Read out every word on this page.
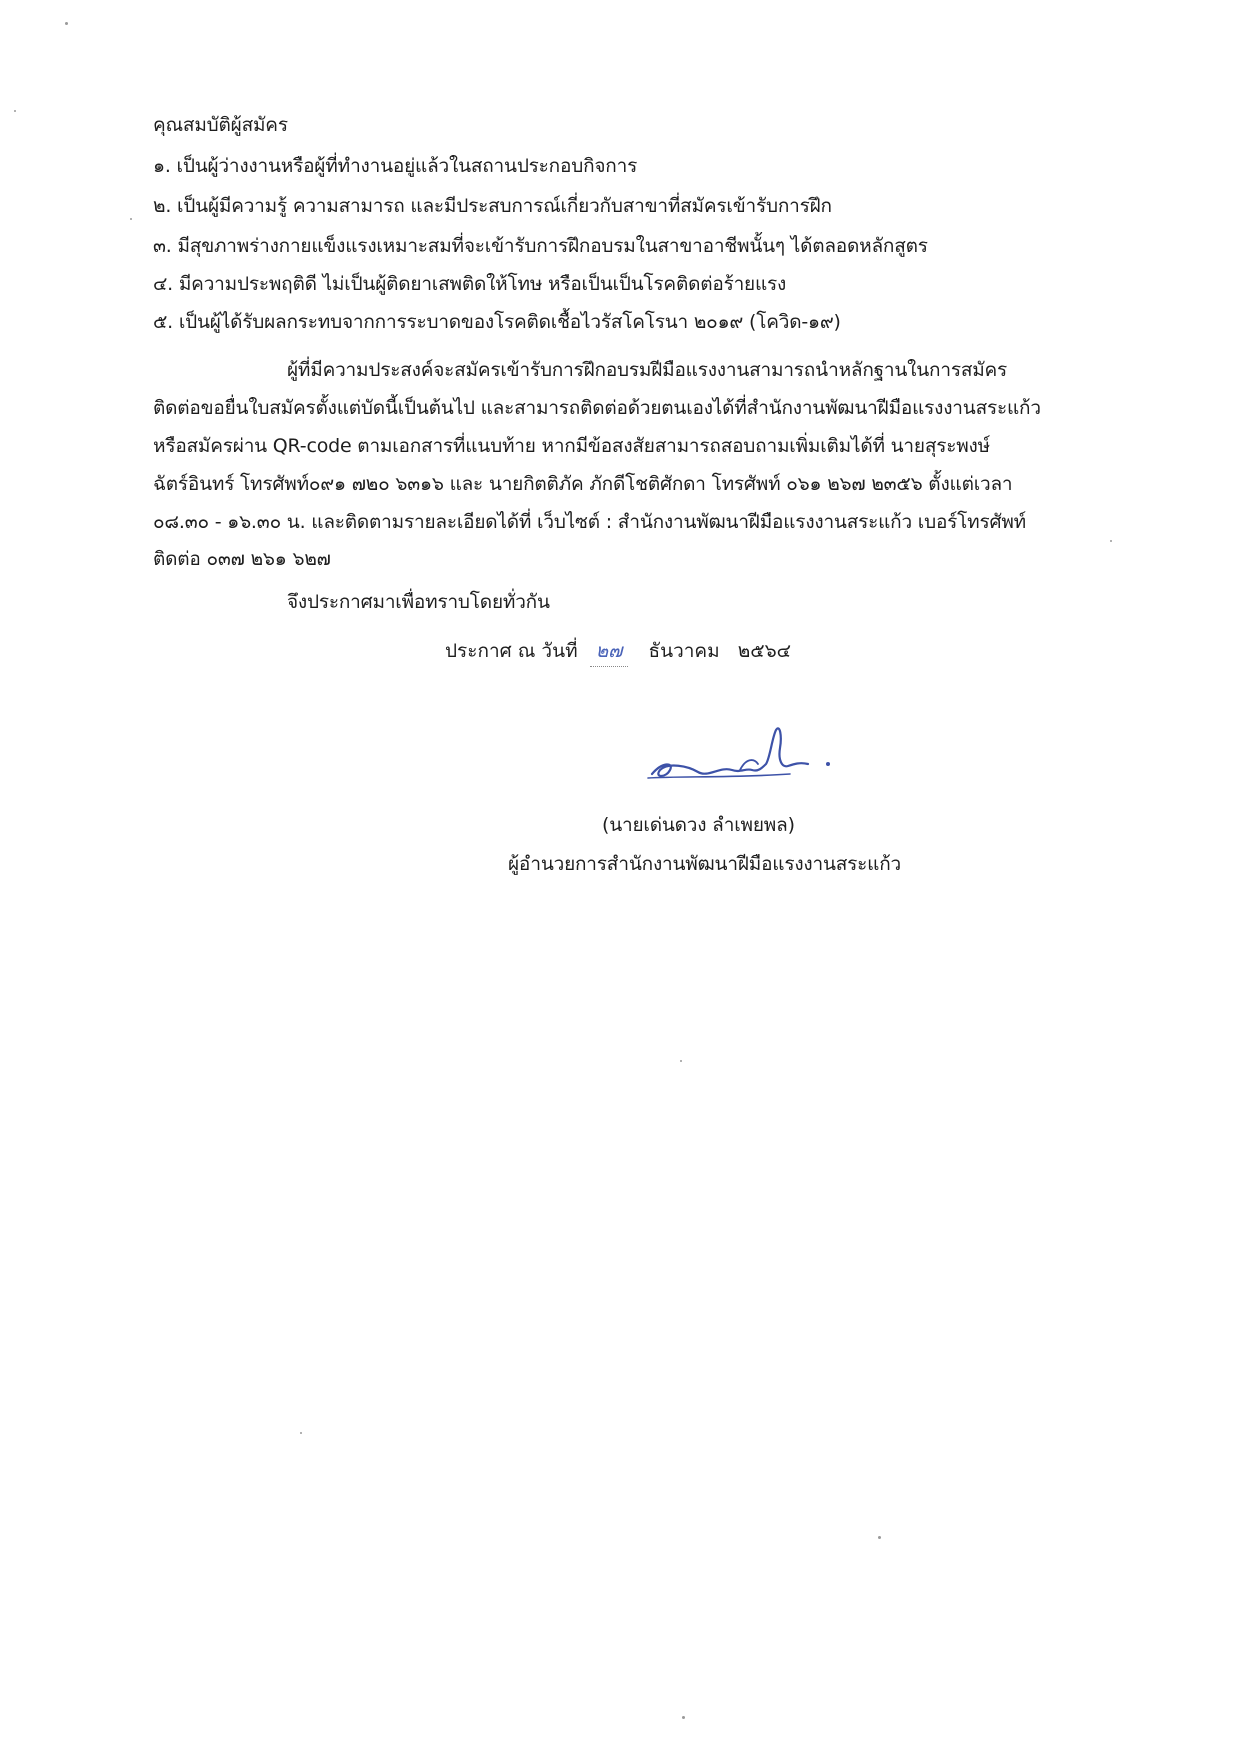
คุณสมบัติผู้สมัคร

๑. เป็นผู้ว่างงานหรือผู้ที่ทำงานอยู่แล้วในสถานประกอบกิจการ

๒. เป็นผู้มีความรู้ ความสามารถ และมีประสบการณ์เกี่ยวกับสาขาที่สมัครเข้ารับการฝึก

๓. มีสุขภาพร่างกายแข็งแรงเหมาะสมที่จะเข้ารับการฝึกอบรมในสาขาอาชีพนั้นๆ ได้ตลอดหลักสูตร

๔. มีความประพฤติดี ไม่เป็นผู้ติดยาเสพติดให้โทษ หรือเป็นเป็นโรคติดต่อร้ายแรง

๕. เป็นผู้ได้รับผลกระทบจากการระบาดของโรคติดเชื้อไวรัสโคโรนา ๒๐๑๙ (โควิด-๑๙)

ผู้ที่มีความประสงค์จะสมัครเข้ารับการฝึกอบรมฝีมือแรงงานสามารถนำหลักฐานในการสมัคร

ติดต่อขอยื่นใบสมัครตั้งแต่บัดนี้เป็นต้นไป และสามารถติดต่อด้วยตนเองได้ที่สำนักงานพัฒนาฝีมือแรงงานสระแก้ว

หรือสมัครผ่าน QR-code ตามเอกสารที่แนบท้าย หากมีข้อสงสัยสามารถสอบถามเพิ่มเติมได้ที่ นายสุระพงษ์

ฉัตร์อินทร์ โทรศัพท์๐๙๑ ๗๒๐ ๖๓๑๖ และ นายกิตติภัค ภักดีโชติศักดา โทรศัพท์ ๐๖๑ ๒๖๗ ๒๓๕๖ ตั้งแต่เวลา

๐๘.๓๐ - ๑๖.๓๐ น. และติดตามรายละเอียดได้ที่ เว็บไซต์ : สำนักงานพัฒนาฝีมือแรงงานสระแก้ว เบอร์โทรศัพท์

ติดต่อ ๐๓๗ ๒๖๑ ๖๒๗

จึงประกาศมาเพื่อทราบโดยทั่วกัน

ประกาศ ณ วันที่ ๒๗ ธันวาคม ๒๕๖๔

(นายเด่นดวง ลำเพยพล)

ผู้อำนวยการสำนักงานพัฒนาฝีมือแรงงานสระแก้ว
